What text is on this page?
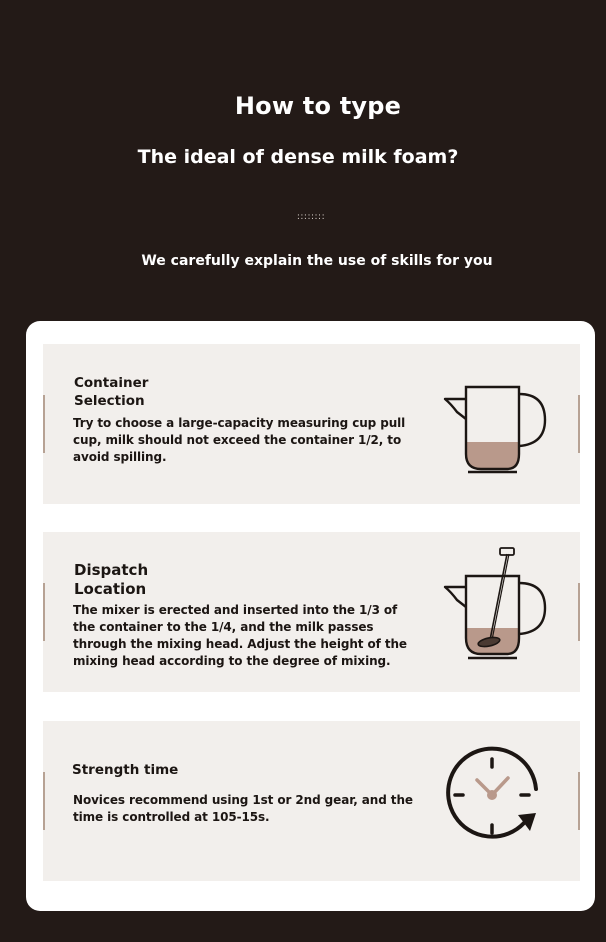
How to type
The ideal of dense milk foam?
::::::::
We carefully explain the use of skills for you
Container
Selection
Try to choose a large-capacity measuring cup pull cup, milk should not exceed the container 1/2, to avoid spilling.
Dispatch
Location
The mixer is erected and inserted into the 1/3 of the container to the 1/4, and the milk passes through the mixing head. Adjust the height of the mixing head according to the degree of mixing.
Strength time
Novices recommend using 1st or 2nd gear, and the time is controlled at 105-15s.
